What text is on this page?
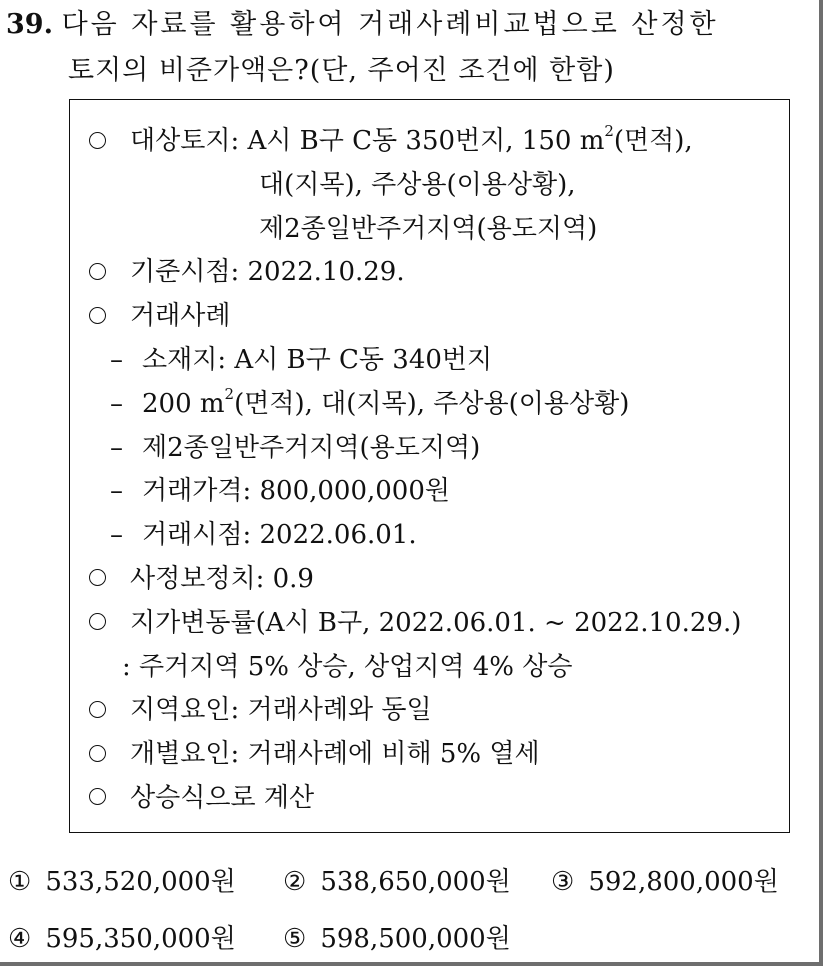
39. 다음 자료를 활용하여 거래사례비교법으로 산정한
토지의 비준가액은?(단, 주어진 조건에 한함)
대상토지: A시 B구 C동 350번지, 150 $m^2$(면적),
대(지목), 주상용(이용상황),
제2종일반주거지역(용도지역)
기준시점: 2022.10.29.
거래사례
– 소재지: A시 B구 C동 340번지
– 200 $m^2$(면적), 대(지목), 주상용(이용상황)
– 제2종일반주거지역(용도지역)
– 거래가격: 800,000,000원
– 거래시점: 2022.06.01.
사정보정치: 0.9
지가변동률(A시 B구, 2022.06.01. ~ 2022.10.29.)
: 주거지역 5% 상승, 상업지역 4% 상승
지역요인: 거래사례와 동일
개별요인: 거래사례에 비해 5% 열세
상승식으로 계산
① 533,520,000원 ② 538,650,000원 ③ 592,800,000원
④ 595,350,000원 ⑤ 598,500,000원
